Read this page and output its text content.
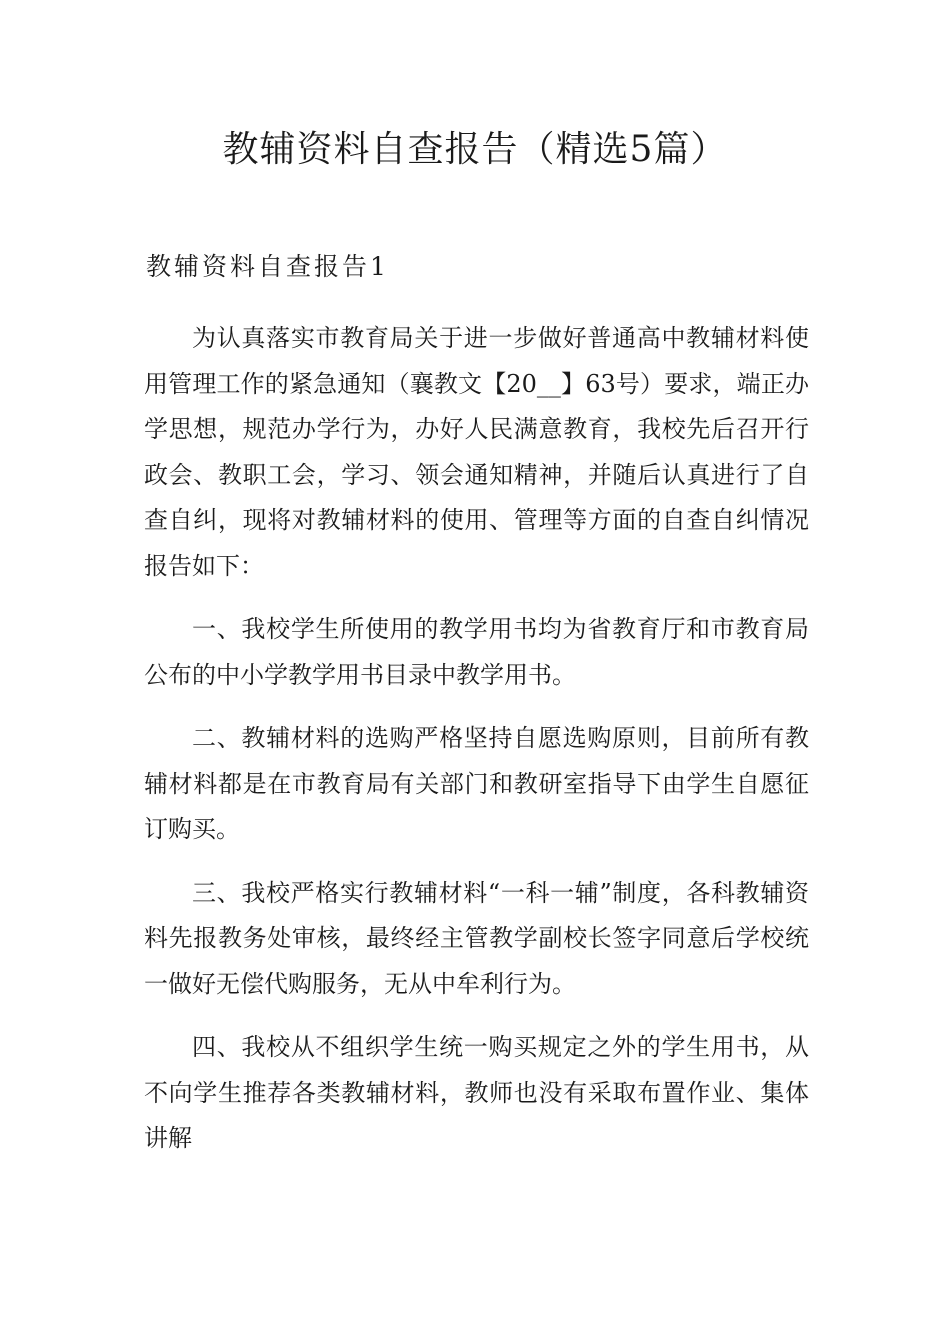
教辅资料自查报告（精选5篇）
教辅资料自查报告1

为认真落实市教育局关于进一步做好普通高中教辅材料使用管理工作的紧急通知（襄教文【20__】63号）要求，端正办学思想，规范办学行为，办好人民满意教育，我校先后召开行政会、教职工会，学习、领会通知精神，并随后认真进行了自查自纠，现将对教辅材料的使用、管理等方面的自查自纠情况报告如下：

一、我校学生所使用的教学用书均为省教育厅和市教育局公布的中小学教学用书目录中教学用书。

二、教辅材料的选购严格坚持自愿选购原则，目前所有教辅材料都是在市教育局有关部门和教研室指导下由学生自愿征订购买。

三、我校严格实行教辅材料“一科一辅”制度，各科教辅资料先报教务处审核，最终经主管教学副校长签字同意后学校统一做好无偿代购服务，无从中牟利行为。

四、我校从不组织学生统一购买规定之外的学生用书，从不向学生推荐各类教辅材料，教师也没有采取布置作业、集体讲解
